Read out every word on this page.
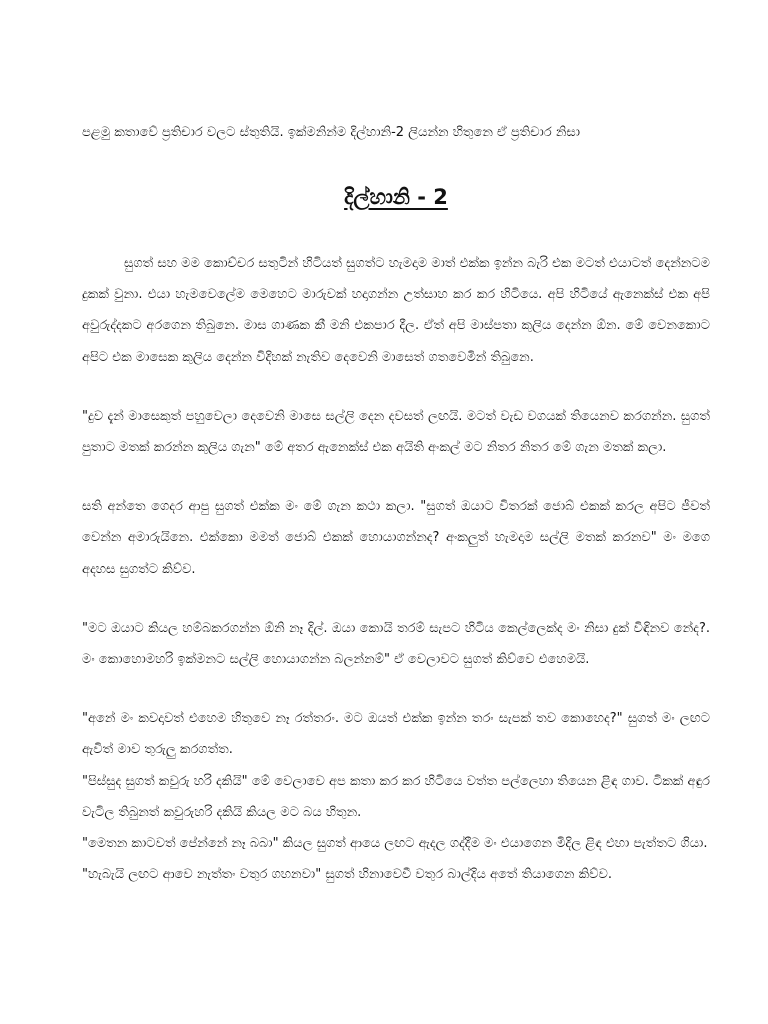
පළමු කතාවේ ප්‍රතිචාර වලට ස්තුතියි. ඉක්මනින්ම දිල්හානි-2 ලියන්න හිතුනෙ ඒ ප්‍රතිචාර නිසා

දිල්හානි - 2

සුගත් සහ මම කොච්චර සතුටින් හිටියත් සුගත්ට හැමදාම මාත් එක්ක ඉන්න බැරි එක මටත් එයාටත් දෙන්නටම දුකක් වුනා. එයා හැමවෙලේම මෙහෙට මාරුවක් හදාගන්න උත්සාහ කර කර හිටියෙ. අපි හිටියේ ඇනෙක්ස් එක අපි අවුරුද්දකට අරගෙන තිබුනෙ. මාස ගාණක කී මනි එකපාර දීල. ඒත් අපි මාස්පතා කුලිය දෙන්න ඕන. මේ වෙනකොට අපිට එක මාසෙක කුලිය දෙන්න විදිහක් නැතිව දෙවෙනි මාසෙත් ගතවෙමින් තිබුනෙ.

"දුව දැන් මාසෙකුත් පහුවෙලා දෙවෙනි මාසෙ සල්ලි දෙන දවසත් ලඟයි. මටත් වැඩ වගයක් තියෙනව කරගන්න. සුගත් පුතාට මතක් කරන්න කුලිය ගැන" මේ අතර ඇනෙක්ස් එක අයිති අංකල් මට නිතර නිතර මේ ගැන මතක් කලා.

සති අන්තෙ ගෙදර ආපු සුගත් එක්ක මං මේ ගැන කථා කලා. "සුගත් ඔයාට විතරක් ජොබ් එකක් කරල අපිට ජීවත් වෙන්න අමාරුයිනෙ. එක්කො මමත් ජොබ් එකක් හොයාගන්නද? අංකලුත් හැමදාම සල්ලි මතක් කරනව" මං මගෙ අදහස සුගත්ට කිව්ව.

"මට ඔයාට කියල හම්බකරගන්න ඕනි නෑ දිල්. ඔයා කොයි තරම් සැපට හිටිය කෙල්ලෙක්ද මං නිසා දුක් විඳිනව නේද?. මං කොහොමහරි ඉක්මනට සල්ලි හොයාගන්න බලන්නම්" ඒ වෙලාවට සුගත් කිව්වෙ එහෙමයි.

"අනේ මං කවදාවත් එහෙම හිතුවෙ නෑ රත්තරං. මට ඔයත් එක්ක ඉන්න තරං සැපක් තව කොහෙද?" සුගත් මං ලඟට ඇවිත් මාව තුරුලු කරගත්ත.

"පිස්සුද සුගත් කවුරු හරි දකියි" මේ වෙලාවෙ අප කතා කර කර හිටියෙ වත්ත පල්ලෙහා තියෙන ළිඳ ගාව. ටිකක් අඳුර වැටිල තිබුනත් කවුරුහරි දකියි කියල මට බය හිතුන.

"මෙතන කාටවත් පේන්නේ නෑ බබා" කියල සුගත් ආයෙ ලඟට ඇදල ගද්දීම මං එයාගෙන මිදිල ළිඳ එහා පැත්තට ගියා.

"හැබැයි ලඟට ආවෙ නැත්තං වතුර ගහනවා" සුගත් හිනාවෙවී වතුර බාල්දිය අතේ තියාගෙන කිව්ව.
